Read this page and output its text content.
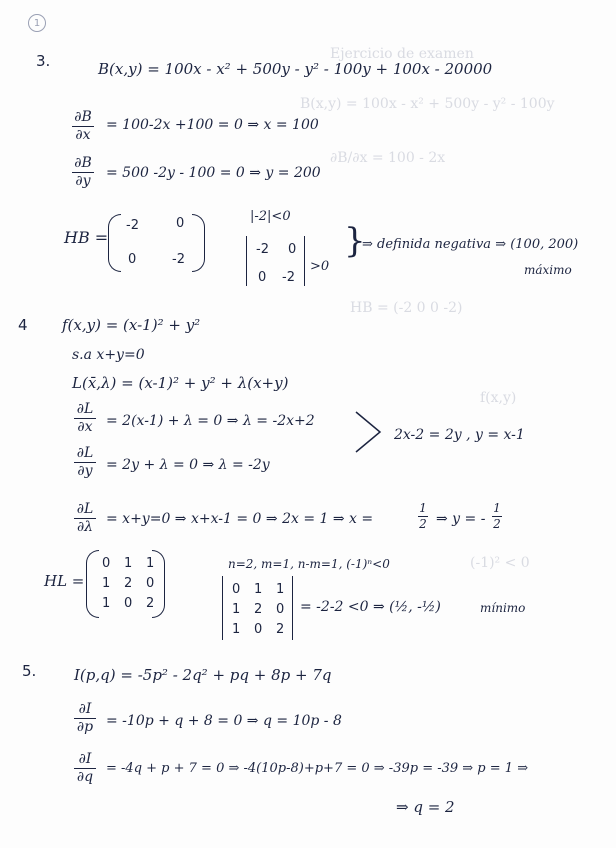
Ejercicio de examen
B(x,y) = 100x - x² + 500y - y² - 100y
∂B/∂x = 100 - 2x
HB = (-2 0 0 -2)
f(x,y)
(-1)² < 0
1
3.	B(x,y) = 100x - x² + 500y - y² - 100y + 100x - 20000
∂B
∂x
= 100-2x +100 = 0 ⇒ x = 100
∂B
∂y = 500 -2y - 100 = 0 ⇒ y = 200
HB =
-2	0
0	-2
|-2|<0
-2 0
0 -2
>0
}
⇒ definida negativa ⇒ (100, 200)
máximo
4 f(x,y) = (x-1)² + y²
s.a x+y=0
L(x̄,λ) = (x-1)² + y² + λ(x+y)
∂L
∂x = 2(x-1) + λ = 0 ⇒ λ = -2x+2
∂L
∂y = 2y + λ = 0 ⇒ λ = -2y
2x-2 = 2y , y = x-1
∂L
∂λ = x+y=0 ⇒ x+x-1 = 0 ⇒ 2x = 1 ⇒ x =
1
2 ⇒ y = -
1
2
n=2, m=1, n-m=1, (-1)ⁿ<0
HL =
0 1 1
1 2 0
1 0 2
0 1 1
1 2 0
1 0 2
= -2-2 <0 ⇒ (½, -½)	mínimo
5.	I(p,q) = -5p² - 2q² + pq + 8p + 7q
∂I
∂p = -10p + q + 8 = 0 ⇒ q = 10p - 8
∂I
∂q
= -4q + p + 7 = 0 ⇒ -4(10p-8)+p+7 = 0 ⇒ -39p = -39 ⇒ p = 1 ⇒
⇒ q = 2
